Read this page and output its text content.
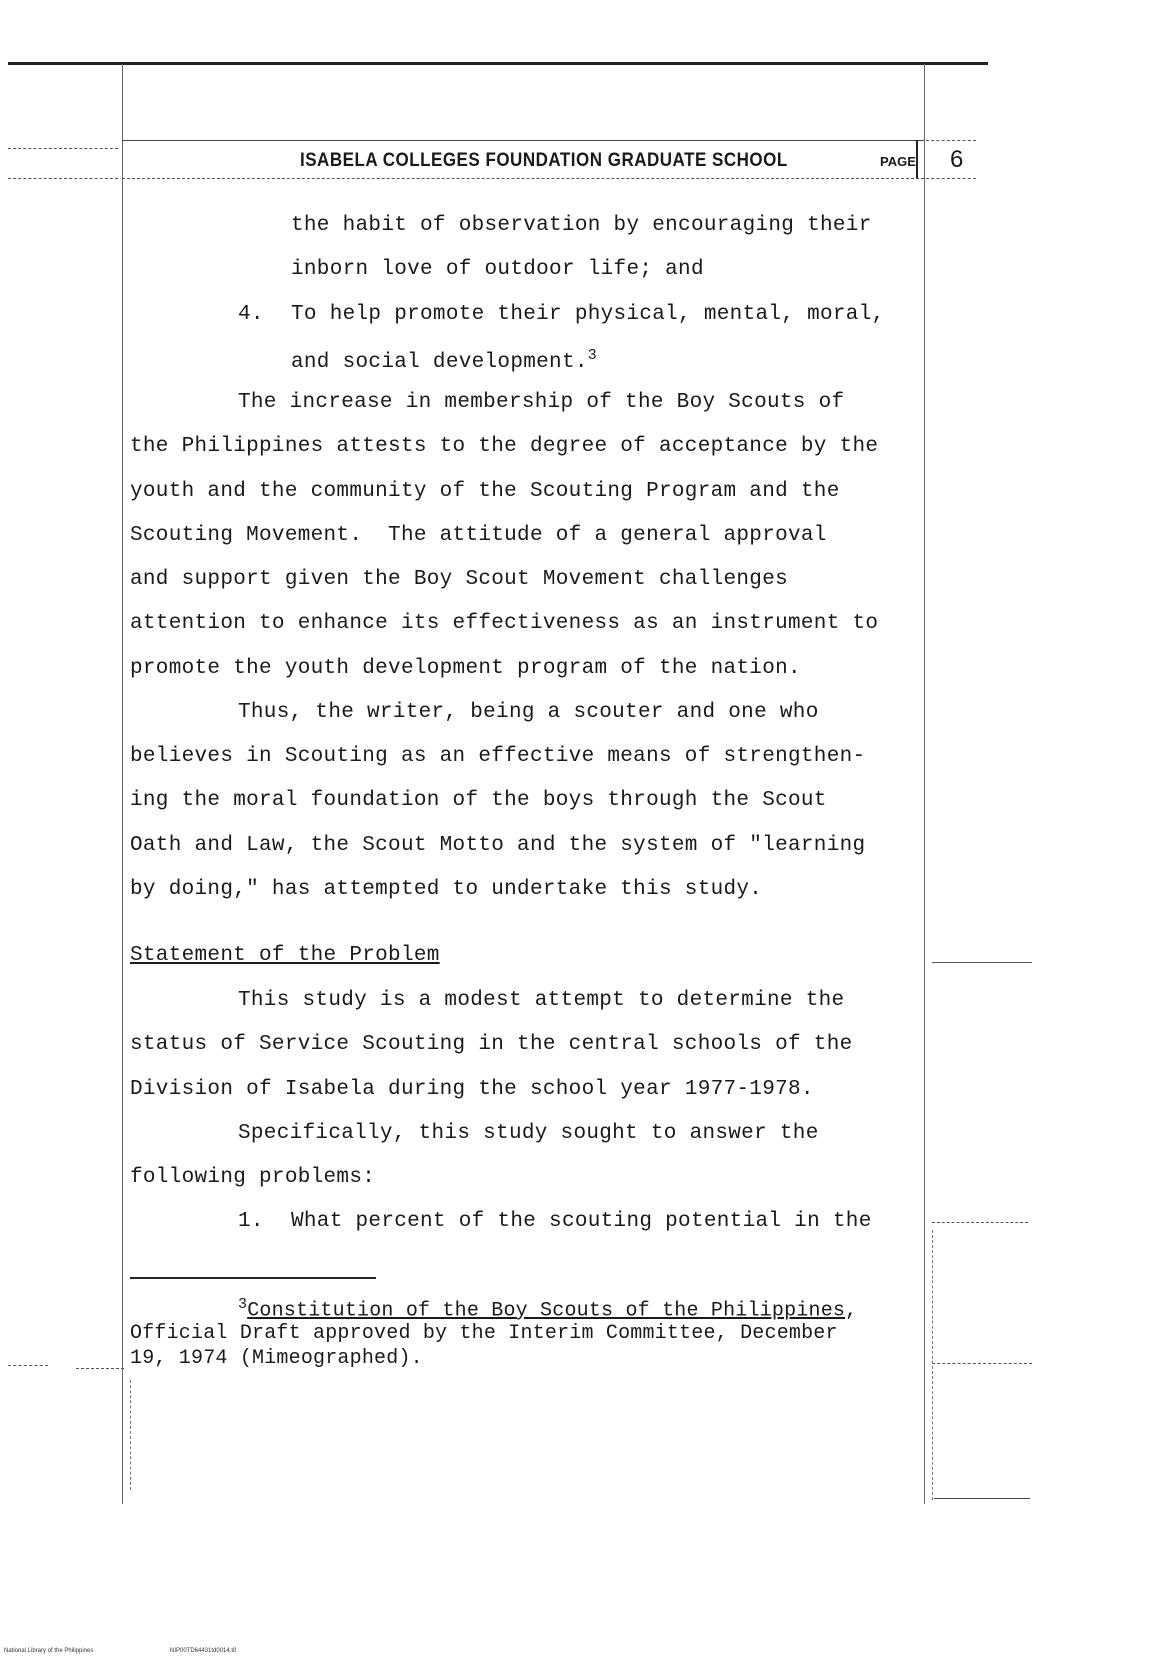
ISABELA COLLEGES FOUNDATION GRADUATE SCHOOL	PAGE 6
the habit of observation by encouraging their
inborn love of outdoor life; and
4. To help promote their physical, mental, moral,
and social development.$^3$
The increase in membership of the Boy Scouts of
the Philippines attests to the degree of acceptance by the
youth and the community of the Scouting Program and the
Scouting Movement.  The attitude of a general approval
and support given the Boy Scout Movement challenges
attention to enhance its effectiveness as an instrument to
promote the youth development program of the nation.
Thus, the writer, being a scouter and one who
believes in Scouting as an effective means of strengthen-
ing the moral foundation of the boys through the Scout
Oath and Law, the Scout Motto and the system of "learning
by doing," has attempted to undertake this study.
Statement of the Problem
This study is a modest attempt to determine the
status of Service Scouting in the central schools of the
Division of Isabela during the school year 1977-1978.
Specifically, this study sought to answer the
following problems:
1. What percent of the scouting potential in the
$^3$Constitution of the Boy Scouts of the Philippines,
Official Draft approved by the Interim Committee, December
19, 1974 (Mimeographed).
National Library of the Philippines	NIP00TD64431td0014.tif
